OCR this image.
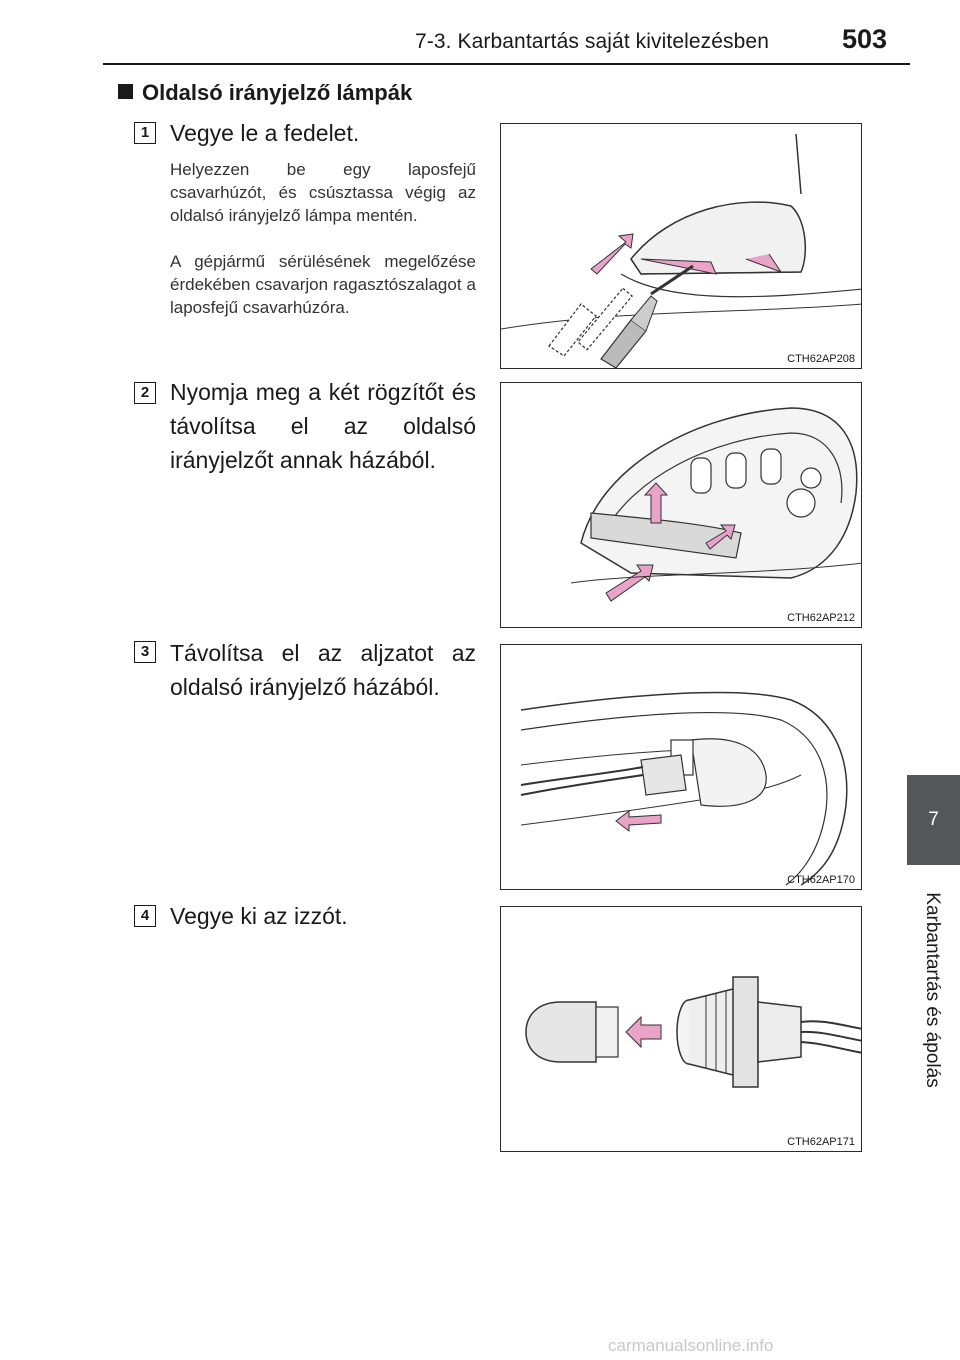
7-3. Karbantartás saját kivitelezésben	503
Oldalsó irányjelző lámpák
1 Vegye le a fedelet.
Helyezzen be egy laposfejű csavarhúzót, és csúsztassa végig az oldalsó irányjelző lámpa mentén.
A gépjármű sérülésének megelőzése érdekében csavarjon ragasztószalagot a laposfejű csavarhúzóra.
CTH62AP208
2 Nyomja meg a két rögzítőt és távolítsa el az oldalsó irányjelzőt annak házából.
CTH62AP212
3 Távolítsa el az aljzatot az oldalsó irányjelző házából.
CTH62AP170
4 Vegye ki az izzót.
CTH62AP171
7
Karbantartás és ápolás
carmanualsonline.info
